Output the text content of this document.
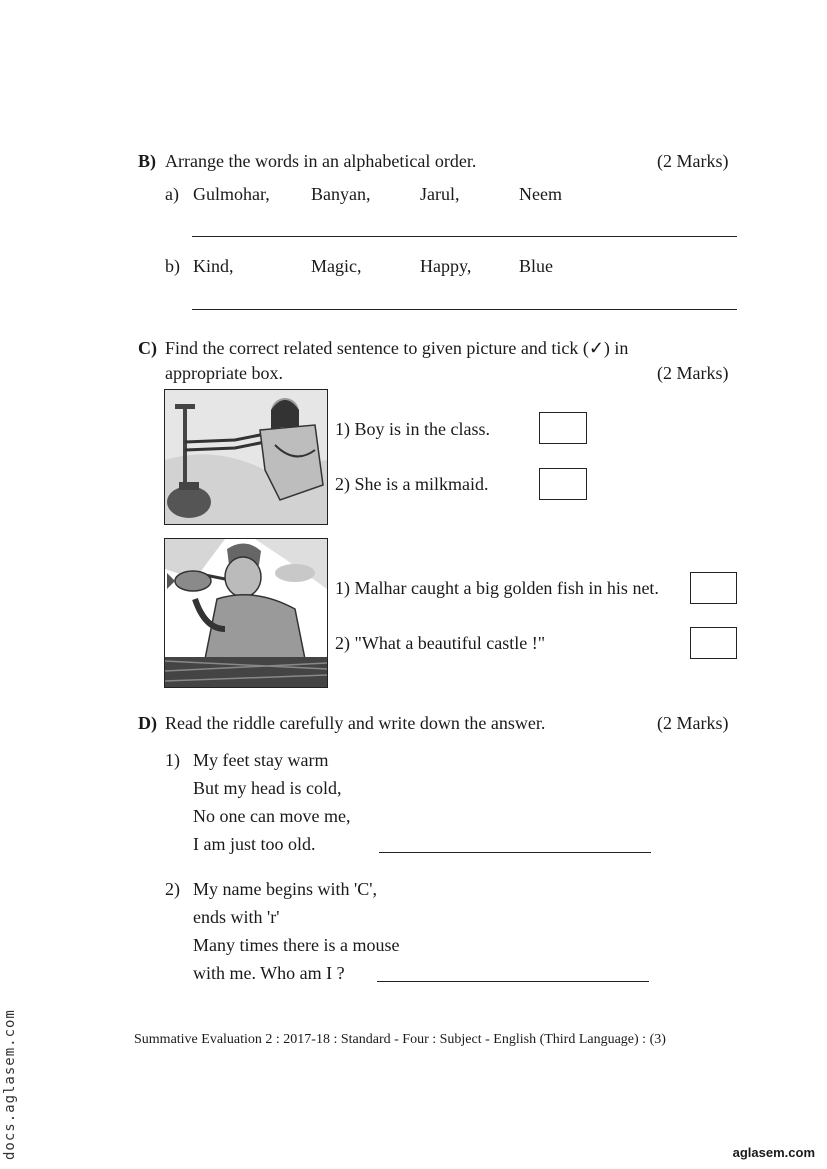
B) Arrange the words in an alphabetical order.	(2 Marks)
a) Gulmohar, Banyan,	Jarul,	Neem
b) Kind,	Magic,	Happy,	Blue
C) Find the correct related sentence to given picture and tick (✓) in
appropriate box.	(2 Marks)
1) Boy is in the class.
2) She is a milkmaid.
1) Malhar caught a big golden fish in his net.
2) "What a beautiful castle !"
D) Read the riddle carefully and write down the answer.	(2 Marks)
1) My feet stay warm
But my head is cold,
No one can move me,
I am just too old.
2) My name begins with 'C',
ends with 'r'
Many times there is a mouse
with me. Who am I ?
Summative Evaluation 2 : 2017-18 : Standard - Four : Subject - English (Third Language) : (3)
docs.aglasem.com	aglasem.com
